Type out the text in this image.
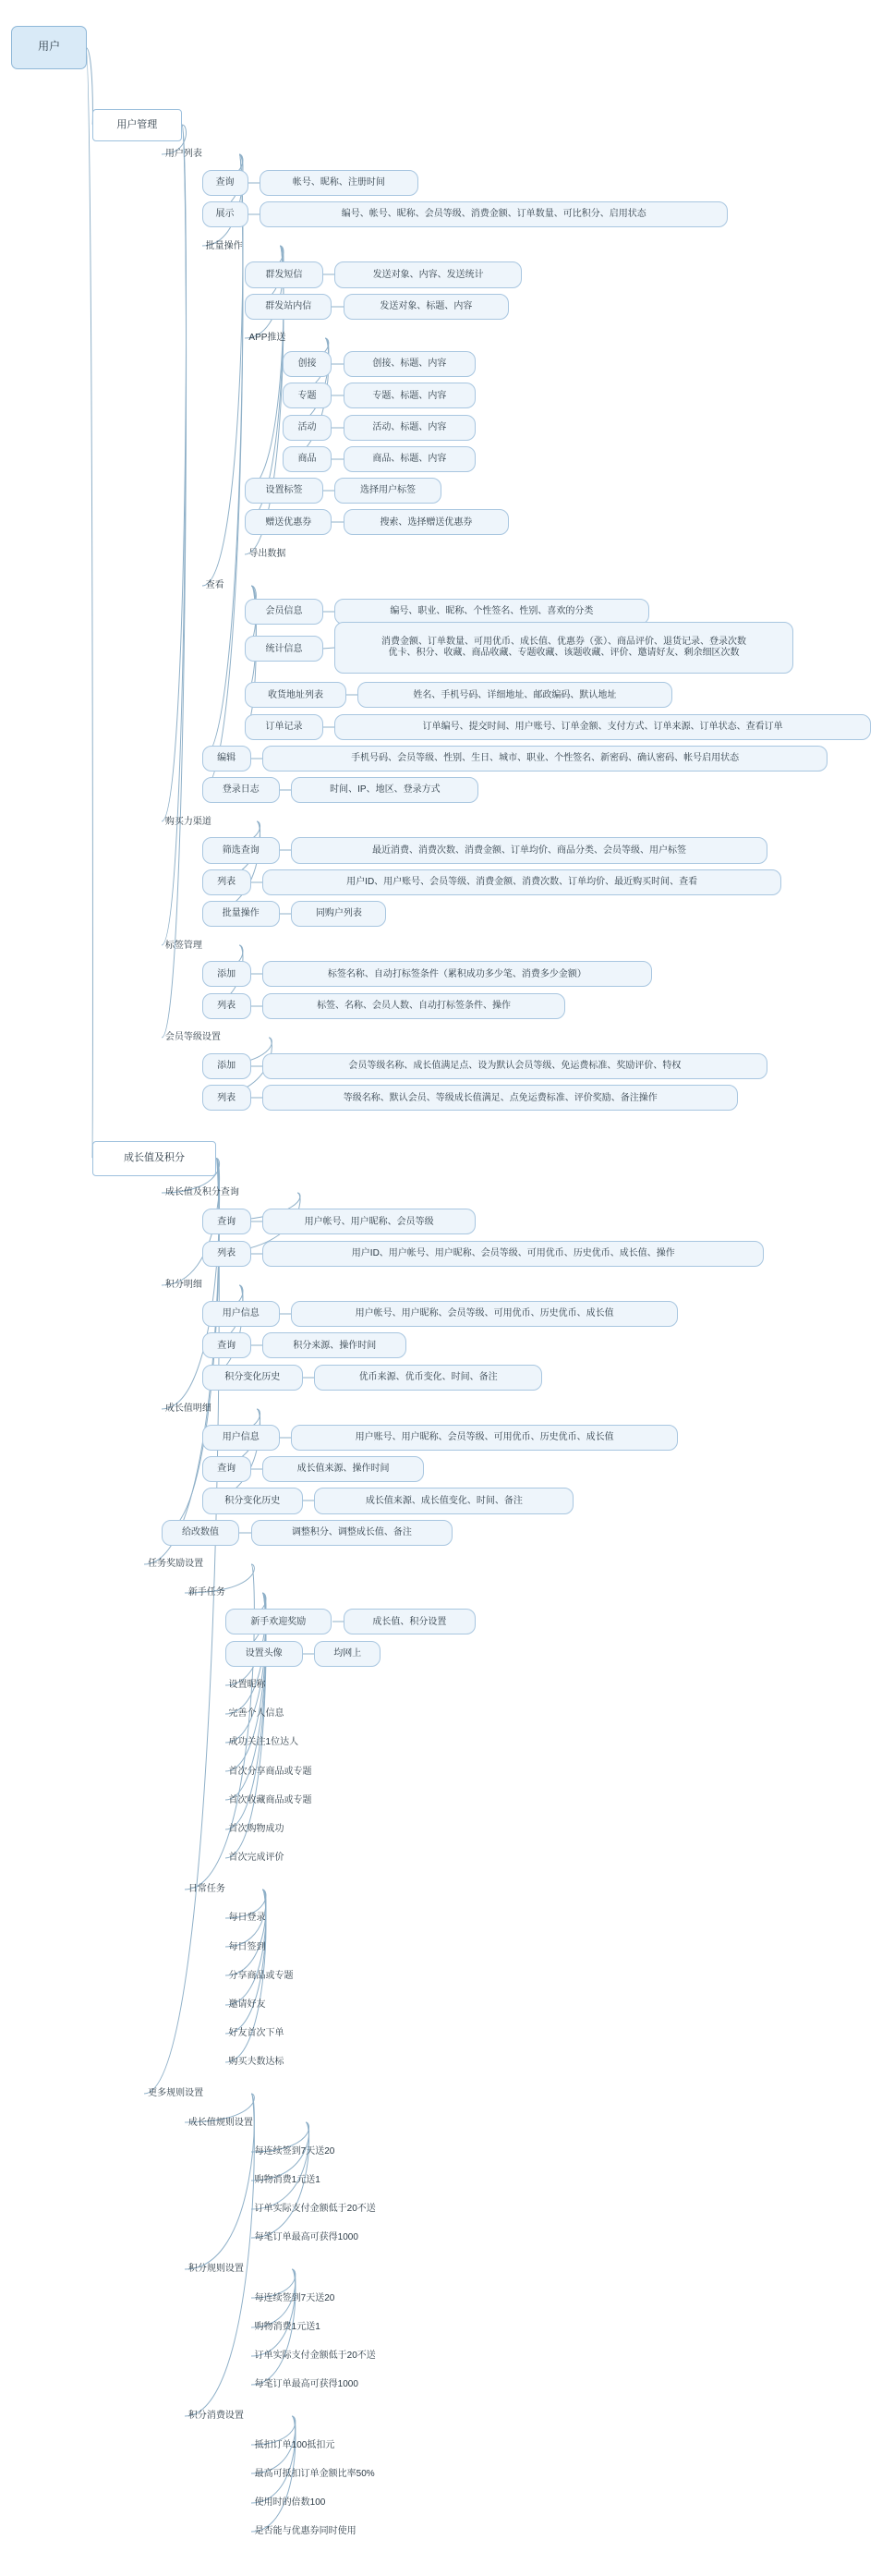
用户
用户管理
用户列表
查询	帐号、昵称、注册时间
展示	编号、帐号、昵称、会员等级、消费金额、订单数量、可比积分、启用状态
批量操作
群发短信	发送对象、内容、发送统计
群发站内信	发送对象、标题、内容
APP推送
创接	创接、标题、内容
专题	专题、标题、内容
活动	活动、标题、内容
商品	商品、标题、内容
设置标签	选择用户标签
赠送优惠券	搜索、选择赠送优惠券
导出数据
查看
会员信息	编号、职业、昵称、个性签名、性别、喜欢的分类
统计信息
消费金额、订单数量、可用优币、成长值、优惠券（张）、商品评价、退货记录、登录次数
优卡、积分、收藏、商品收藏、专题收藏、该题收藏、评价、邀请好友、剩余细区次数
收货地址列表	姓名、手机号码、详细地址、邮政编码、默认地址
订单记录	订单编号、提交时间、用户账号、订单金额、支付方式、订单来源、订单状态、查看订单
编辑	手机号码、会员等级、性别、生日、城市、职业、个性签名、新密码、确认密码、帐号启用状态
登录日志	时间、IP、地区、登录方式
购买力渠道
筛选查询	最近消费、消费次数、消费金额、订单均价、商品分类、会员等级、用户标签
列表	用户ID、用户账号、会员等级、消费金额、消费次数、订单均价、最近购买时间、查看
批量操作	同购户列表
标签管理
添加	标签名称、自动打标签条件（累积成功多少笔、消费多少金额）
列表	标签、名称、会员人数、自动打标签条件、操作
会员等级设置
添加	会员等级名称、成长值满足点、设为默认会员等级、免运费标准、奖励评价、特权
列表	等级名称、默认会员、等级成长值满足、点免运费标准、评价奖励、备注操作
成长值及积分
成长值及积分查询
查询	用户帐号、用户昵称、会员等级
列表	用户ID、用户帐号、用户昵称、会员等级、可用优币、历史优币、成长值、操作
积分明细
用户信息	用户帐号、用户昵称、会员等级、可用优币、历史优币、成长值
查询	积分来源、操作时间
积分变化历史	优币来源、优币变化、时间、备注
成长值明细
用户信息	用户账号、用户昵称、会员等级、可用优币、历史优币、成长值
查询	成长值来源、操作时间
积分变化历史	成长值来源、成长值变化、时间、备注
给改数值	调整积分、调整成长值、备注
任务奖励设置
新手任务
新手欢迎奖励	成长值、积分设置
设置头像	均网上
设置昵称
完善个人信息
成功关注1位达人
首次分享商品或专题
首次收藏商品或专题
首次购物成功
首次完成评价
日常任务
每日登录
每日签到
分享商品或专题
邀请好友
好友首次下单
购买夫数达标
更多规则设置
成长值规则设置
每连续签到7天送20
购物消费1元送1
订单实际支付金额低于20不送
每笔订单最高可获得1000
积分规则设置
每连续签到7天送20
购物消费1元送1
订单实际支付金额低于20不送
每笔订单最高可获得1000
积分消费设置
抵扣订单100抵扣元
最高可抵扣订单金额比率50%
使用时的倍数100
是否能与优惠券同时使用
